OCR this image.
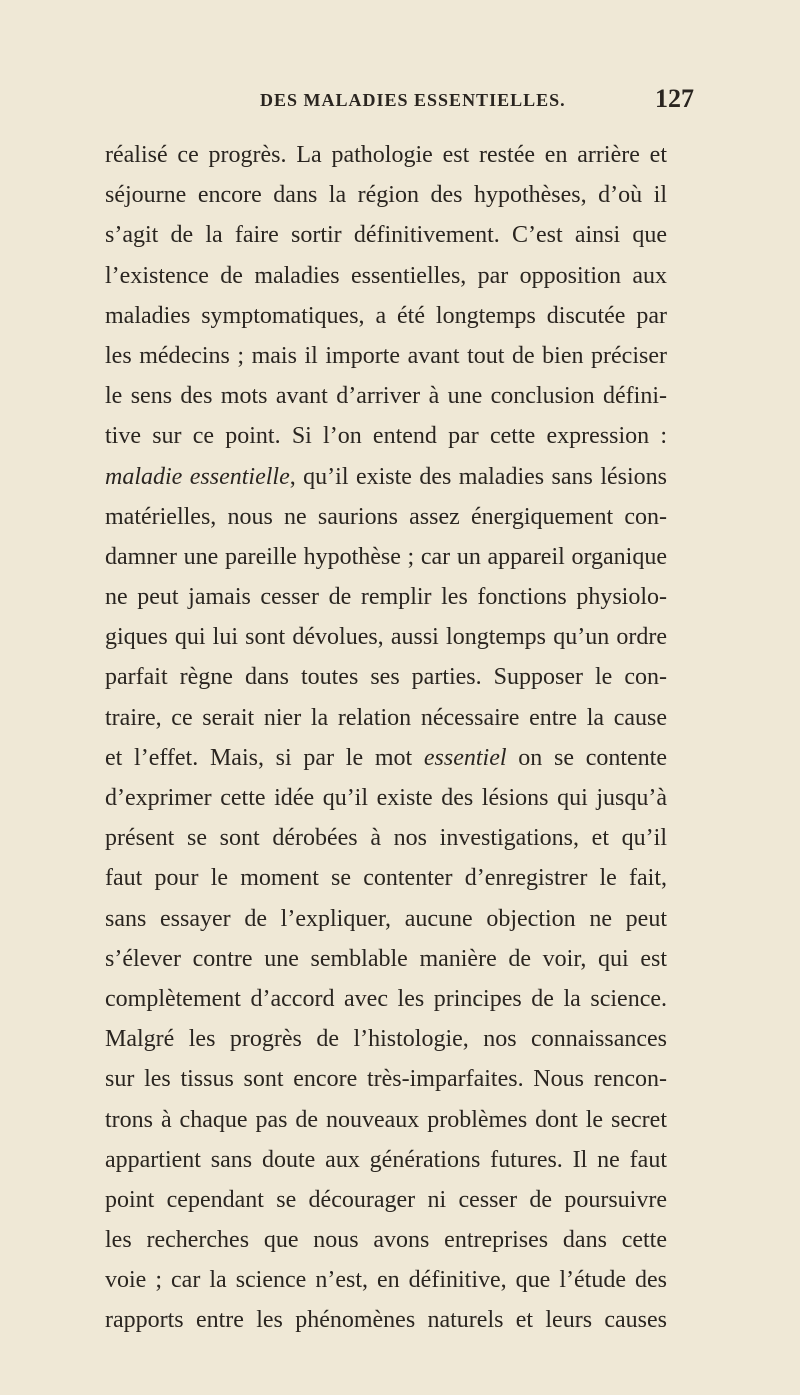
DES MALADIES ESSENTIELLES.	127
réalisé ce progrès. La pathologie est restée en arrière et
séjourne encore dans la région des hypothèses, d’où il
s’agit de la faire sortir définitivement. C’est ainsi que
l’existence de maladies essentielles, par opposition aux
maladies symptomatiques, a été longtemps discutée par
les médecins ; mais il importe avant tout de bien préciser
le sens des mots avant d’arriver à une conclusion défini-
tive sur ce point. Si l’on entend par cette expression :
maladie essentielle, qu’il existe des maladies sans lésions
matérielles, nous ne saurions assez énergiquement con-
damner une pareille hypothèse ; car un appareil organique
ne peut jamais cesser de remplir les fonctions physiolo-
giques qui lui sont dévolues, aussi longtemps qu’un ordre
parfait règne dans toutes ses parties. Supposer le con-
traire, ce serait nier la relation nécessaire entre la cause
et l’effet. Mais, si par le mot essentiel on se contente
d’exprimer cette idée qu’il existe des lésions qui jusqu’à
présent se sont dérobées à nos investigations, et qu’il
faut pour le moment se contenter d’enregistrer le fait,
sans essayer de l’expliquer, aucune objection ne peut
s’élever contre une semblable manière de voir, qui est
complètement d’accord avec les principes de la science.
Malgré les progrès de l’histologie, nos connaissances
sur les tissus sont encore très-imparfaites. Nous rencon-
trons à chaque pas de nouveaux problèmes dont le secret
appartient sans doute aux générations futures. Il ne faut
point cependant se décourager ni cesser de poursuivre
les recherches que nous avons entreprises dans cette
voie ; car la science n’est, en définitive, que l’étude des
rapports entre les phénomènes naturels et leurs causes
